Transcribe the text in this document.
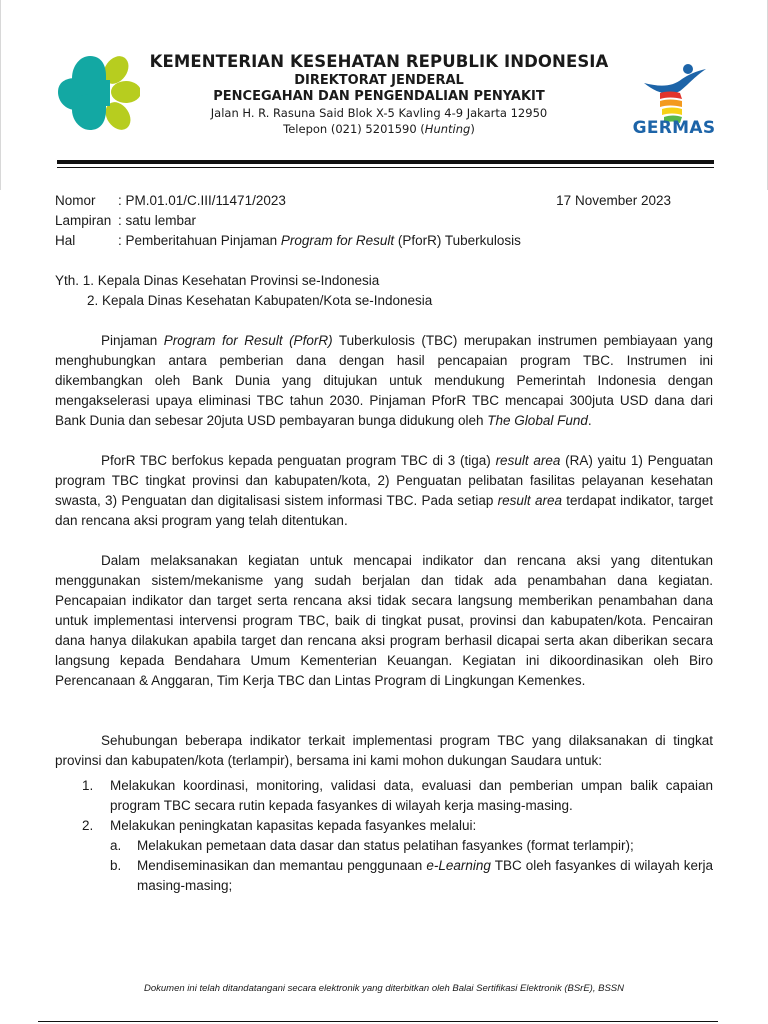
GERMAS
KEMENTERIAN KESEHATAN REPUBLIK INDONESIA
DIREKTORAT JENDERAL
PENCEGAHAN DAN PENGENDALIAN PENYAKIT
Jalan H. R. Rasuna Said Blok X-5 Kavling 4-9 Jakarta 12950
Telepon (021) 5201590 (Hunting)
Nomor : PM.01.01/C.III/11471/2023	17 November 2023
Lampiran : satu lembar
Hal	: Pemberitahuan Pinjaman Program for Result (PforR) Tuberkulosis
Yth. 1. Kepala Dinas Kesehatan Provinsi se-Indonesia
2. Kepala Dinas Kesehatan Kabupaten/Kota se-Indonesia

Pinjaman Program for Result (PforR) Tuberkulosis (TBC) merupakan instrumen pembiayaan yang menghubungkan antara pemberian dana dengan hasil pencapaian program TBC. Instrumen ini dikembangkan oleh Bank Dunia yang ditujukan untuk mendukung Pemerintah Indonesia dengan mengakselerasi upaya eliminasi TBC tahun 2030. Pinjaman PforR TBC mencapai 300juta USD dana dari Bank Dunia dan sebesar 20juta USD pembayaran bunga didukung oleh The Global Fund.

PforR TBC berfokus kepada penguatan program TBC di 3 (tiga) result area (RA) yaitu 1) Penguatan program TBC tingkat provinsi dan kabupaten/kota, 2) Penguatan pelibatan fasilitas pelayanan kesehatan swasta, 3) Penguatan dan digitalisasi sistem informasi TBC. Pada setiap result area terdapat indikator, target dan rencana aksi program yang telah ditentukan.

Dalam melaksanakan kegiatan untuk mencapai indikator dan rencana aksi yang ditentukan menggunakan sistem/mekanisme yang sudah berjalan dan tidak ada penambahan dana kegiatan. Pencapaian indikator dan target serta rencana aksi tidak secara langsung memberikan penambahan dana untuk implementasi intervensi program TBC, baik di tingkat pusat, provinsi dan kabupaten/kota. Pencairan dana hanya dilakukan apabila target dan rencana aksi program berhasil dicapai serta akan diberikan secara langsung kepada Bendahara Umum Kementerian Keuangan. Kegiatan ini dikoordinasikan oleh Biro Perencanaan & Anggaran, Tim Kerja TBC dan Lintas Program di Lingkungan Kemenkes.

Sehubungan beberapa indikator terkait implementasi program TBC yang dilaksanakan di tingkat provinsi dan kabupaten/kota (terlampir), bersama ini kami mohon dukungan Saudara untuk:

1. Melakukan koordinasi, monitoring, validasi data, evaluasi dan pemberian umpan balik capaian program TBC secara rutin kepada fasyankes di wilayah kerja masing-masing.
2. Melakukan peningkatan kapasitas kepada fasyankes melalui:
a. Melakukan pemetaan data dasar dan status pelatihan fasyankes (format terlampir);
b. Mendiseminasikan dan memantau penggunaan e-Learning TBC oleh fasyankes di wilayah kerja masing-masing;
Dokumen ini telah ditandatangani secara elektronik yang diterbitkan oleh Balai Sertifikasi Elektronik (BSrE), BSSN
